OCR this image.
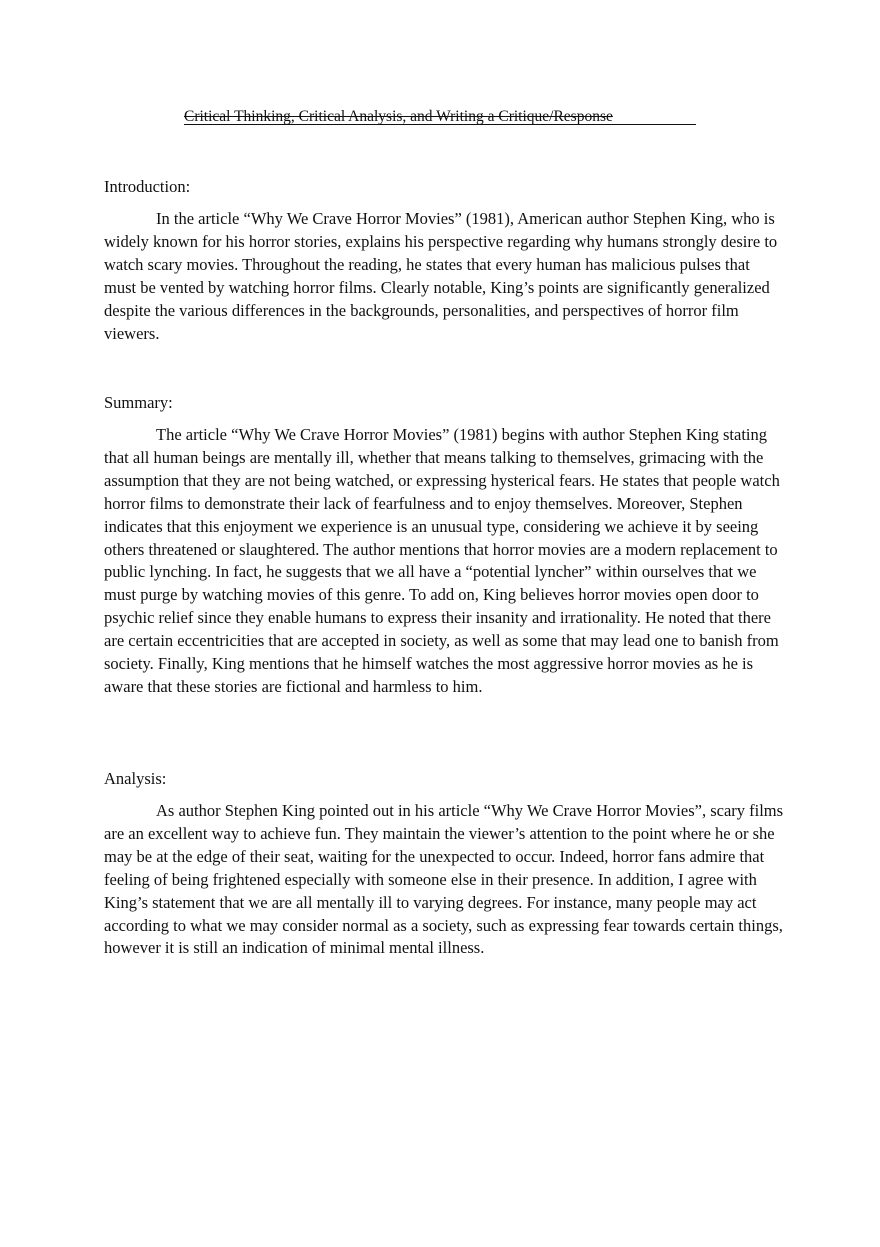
Critical Thinking, Critical Analysis, and Writing a Critique/Response

Introduction:

In the article “Why We Crave Horror Movies” (1981), American author Stephen King, who is widely known for his horror stories, explains his perspective regarding why humans strongly desire to watch scary movies. Throughout the reading, he states that every human has malicious pulses that must be vented by watching horror films. Clearly notable, King’s points are significantly generalized despite the various differences in the backgrounds, personalities, and perspectives of horror film viewers.

Summary:

The article “Why We Crave Horror Movies” (1981) begins with author Stephen King stating that all human beings are mentally ill, whether that means talking to themselves, grimacing with the assumption that they are not being watched, or expressing hysterical fears. He states that people watch horror films to demonstrate their lack of fearfulness and to enjoy themselves. Moreover, Stephen indicates that this enjoyment we experience is an unusual type, considering we achieve it by seeing others threatened or slaughtered. The author mentions that horror movies are a modern replacement to public lynching. In fact, he suggests that we all have a “potential lyncher” within ourselves that we must purge by watching movies of this genre. To add on, King believes horror movies open door to psychic relief since they enable humans to express their insanity and irrationality. He noted that there are certain eccentricities that are accepted in society, as well as some that may lead one to banish from society. Finally, King mentions that he himself watches the most aggressive horror movies as he is aware that these stories are fictional and harmless to him.

Analysis:

As author Stephen King pointed out in his article “Why We Crave Horror Movies”, scary films are an excellent way to achieve fun. They maintain the viewer’s attention to the point where he or she may be at the edge of their seat, waiting for the unexpected to occur. Indeed, horror fans admire that feeling of being frightened especially with someone else in their presence. In addition, I agree with King’s statement that we are all mentally ill to varying degrees. For instance, many people may act according to what we may consider normal as a society, such as expressing fear towards certain things, however it is still an indication of minimal mental illness.
